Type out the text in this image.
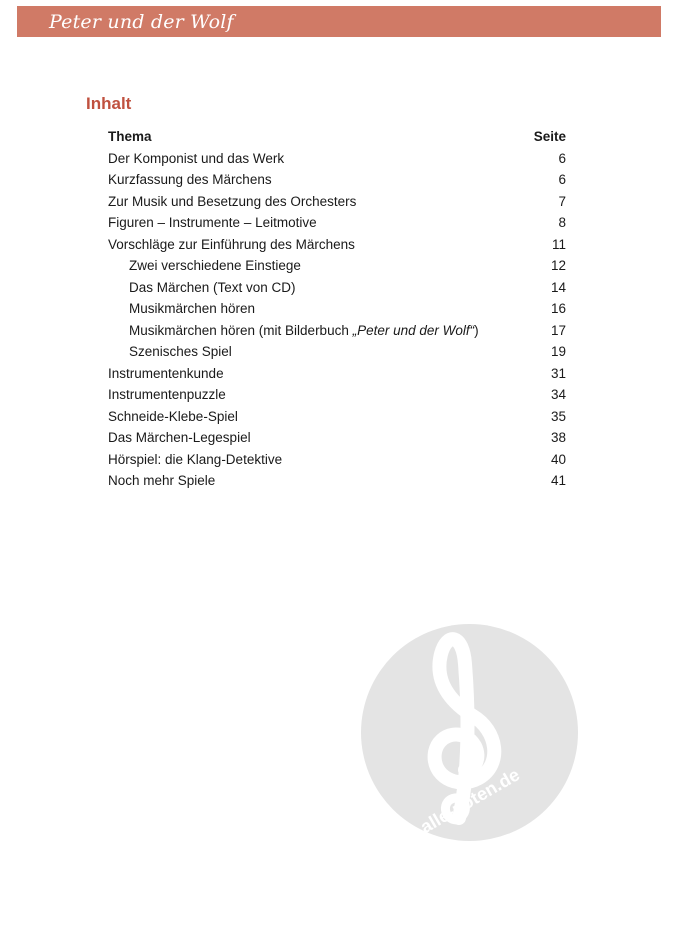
Peter und der Wolf
Inhalt
Thema	Seite
Der Komponist und das Werk	6
Kurzfassung des Märchens	6
Zur Musik und Besetzung des Orchesters	7
Figuren – Instrumente – Leitmotive	8
Vorschläge zur Einführung des Märchens	11
Zwei verschiedene Einstiege	12
Das Märchen (Text von CD)	14
Musikmärchen hören	16
Musikmärchen hören (mit Bilderbuch „Peter und der Wolf“)	17
Szenisches Spiel	19
Instrumentenkunde	31
Instrumentenpuzzle	34
Schneide-Klebe-Spiel	35
Das Märchen-Legespiel	38
Hörspiel: die Klang-Detektive	40
Noch mehr Spiele	41
alle-noten.de
